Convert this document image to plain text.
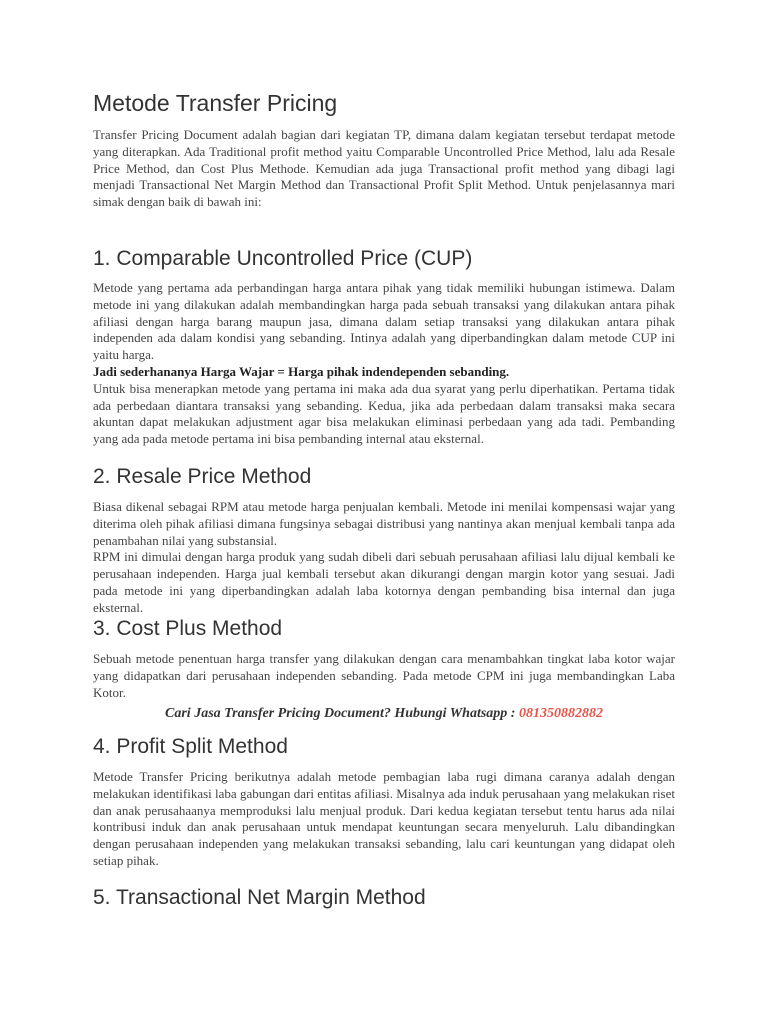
Metode Transfer Pricing

Transfer Pricing Document adalah bagian dari kegiatan TP, dimana dalam kegiatan tersebut terdapat metode yang diterapkan. Ada Traditional profit method yaitu Comparable Uncontrolled Price Method, lalu ada Resale Price Method, dan Cost Plus Methode. Kemudian ada juga Transactional profit method yang dibagi lagi menjadi Transactional Net Margin Method dan Transactional Profit Split Method. Untuk penjelasannya mari simak dengan baik di bawah ini:

1. Comparable Uncontrolled Price (CUP)

Metode yang pertama ada perbandingan harga antara pihak yang tidak memiliki hubungan istimewa. Dalam metode ini yang dilakukan adalah membandingkan harga pada sebuah transaksi yang dilakukan antara pihak afiliasi dengan harga barang maupun jasa, dimana dalam setiap transaksi yang dilakukan antara pihak independen ada dalam kondisi yang sebanding. Intinya adalah yang diperbandingkan dalam metode CUP ini yaitu harga.

Jadi sederhananya Harga Wajar = Harga pihak indendependen sebanding.

Untuk bisa menerapkan metode yang pertama ini maka ada dua syarat yang perlu diperhatikan. Pertama tidak ada perbedaan diantara transaksi yang sebanding. Kedua, jika ada perbedaan dalam transaksi maka secara akuntan dapat melakukan adjustment agar bisa melakukan eliminasi perbedaan yang ada tadi. Pembanding yang ada pada metode pertama ini bisa pembanding internal atau eksternal.

2. Resale Price Method

Biasa dikenal sebagai RPM atau metode harga penjualan kembali. Metode ini menilai kompensasi wajar yang diterima oleh pihak afiliasi dimana fungsinya sebagai distribusi yang nantinya akan menjual kembali tanpa ada penambahan nilai yang substansial.

RPM ini dimulai dengan harga produk yang sudah dibeli dari sebuah perusahaan afiliasi lalu dijual kembali ke perusahaan independen. Harga jual kembali tersebut akan dikurangi dengan margin kotor yang sesuai. Jadi pada metode ini yang diperbandingkan adalah laba kotornya dengan pembanding bisa internal dan juga eksternal.

3. Cost Plus Method

Sebuah metode penentuan harga transfer yang dilakukan dengan cara menambahkan tingkat laba kotor wajar yang didapatkan dari perusahaan independen sebanding. Pada metode CPM ini juga membandingkan Laba Kotor.

Cari Jasa Transfer Pricing Document? Hubungi Whatsapp : 081350882882
4. Profit Split Method

Metode Transfer Pricing berikutnya adalah metode pembagian laba rugi dimana caranya adalah dengan melakukan identifikasi laba gabungan dari entitas afiliasi. Misalnya ada induk perusahaan yang melakukan riset dan anak perusahaanya memproduksi lalu menjual produk. Dari kedua kegiatan tersebut tentu harus ada nilai kontribusi induk dan anak perusahaan untuk mendapat keuntungan secara menyeluruh. Lalu dibandingkan dengan perusahaan independen yang melakukan transaksi sebanding, lalu cari keuntungan yang didapat oleh setiap pihak.

5. Transactional Net Margin Method
